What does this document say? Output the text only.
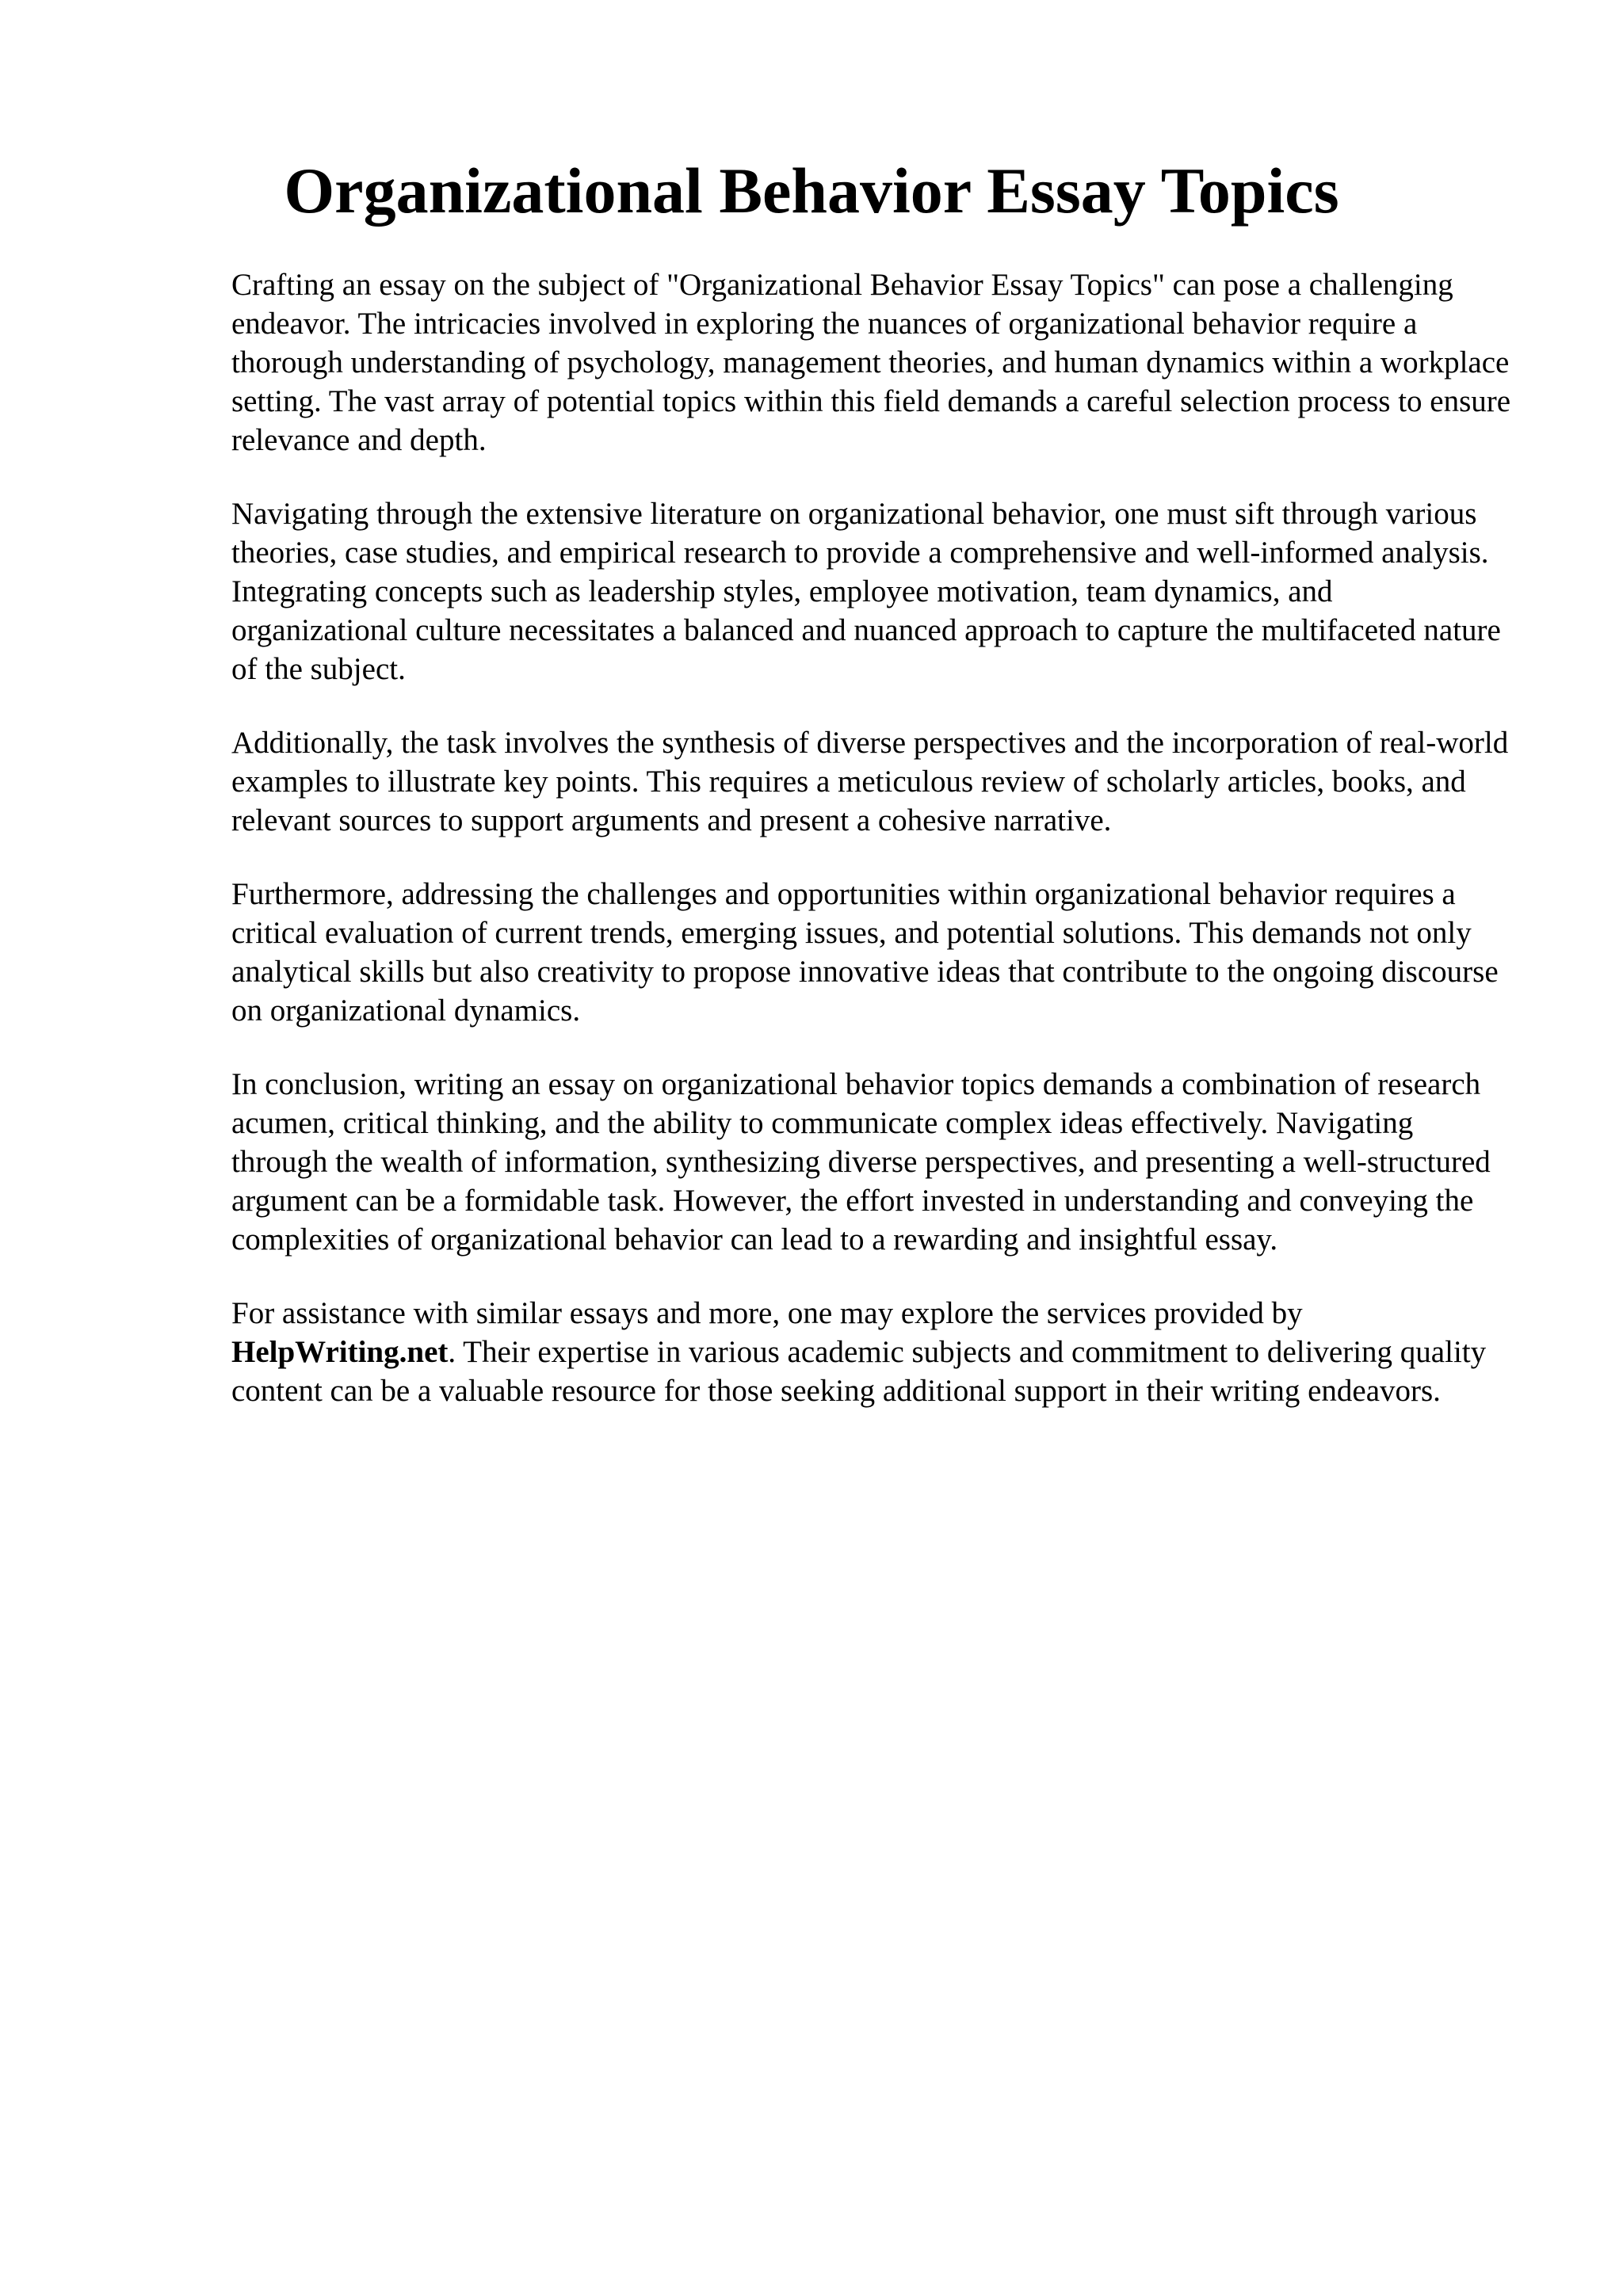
Organizational Behavior Essay Topics

Crafting an essay on the subject of "Organizational Behavior Essay Topics" can pose a challenging endeavor. The intricacies involved in exploring the nuances of organizational behavior require a thorough understanding of psychology, management theories, and human dynamics within a workplace setting. The vast array of potential topics within this field demands a careful selection process to ensure relevance and depth.

Navigating through the extensive literature on organizational behavior, one must sift through various theories, case studies, and empirical research to provide a comprehensive and well-informed analysis. Integrating concepts such as leadership styles, employee motivation, team dynamics, and organizational culture necessitates a balanced and nuanced approach to capture the multifaceted nature of the subject.

Additionally, the task involves the synthesis of diverse perspectives and the incorporation of real-world examples to illustrate key points. This requires a meticulous review of scholarly articles, books, and relevant sources to support arguments and present a cohesive narrative.

Furthermore, addressing the challenges and opportunities within organizational behavior requires a critical evaluation of current trends, emerging issues, and potential solutions. This demands not only analytical skills but also creativity to propose innovative ideas that contribute to the ongoing discourse on organizational dynamics.

In conclusion, writing an essay on organizational behavior topics demands a combination of research acumen, critical thinking, and the ability to communicate complex ideas effectively. Navigating through the wealth of information, synthesizing diverse perspectives, and presenting a well-structured argument can be a formidable task. However, the effort invested in understanding and conveying the complexities of organizational behavior can lead to a rewarding and insightful essay.

For assistance with similar essays and more, one may explore the services provided by HelpWriting.net. Their expertise in various academic subjects and commitment to delivering quality content can be a valuable resource for those seeking additional support in their writing endeavors.
